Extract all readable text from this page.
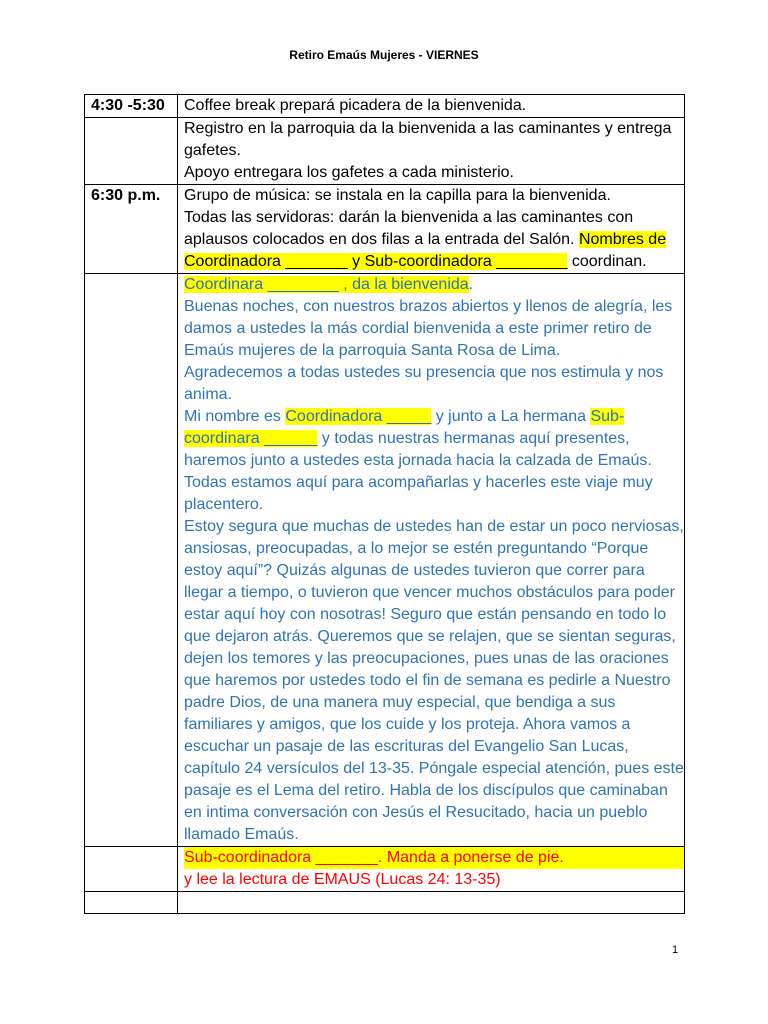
Retiro Emaús Mujeres - VIERNES
4:30 -5:30	Coffee break prepará picadera de la bienvenida.

	Registro en la parroquia da la bienvenida a las caminantes y entrega gafetes.
Apoyo entregara los gafetes a cada ministerio.

6:30 p.m.	Grupo de música: se instala en la capilla para la bienvenida.
Todas las servidoras: darán la bienvenida a las caminantes con aplausos colocados en dos filas a la entrada del Salón. Nombres de Coordinadora _______ y Sub-coordinadora ________ coordinan.

	Coordinara ________ , da la bienvenida.
Buenas noches, con nuestros brazos abiertos y llenos de alegría, les damos a ustedes la más cordial bienvenida a este primer retiro de Emaús mujeres de la parroquia Santa Rosa de Lima.
Agradecemos a todas ustedes su presencia que nos estimula y nos anima.
Mi nombre es Coordinadora _____ y junto a La hermana Sub-coordinara ______ y todas nuestras hermanas aquí presentes, haremos junto a ustedes esta jornada hacia la calzada de Emaús. Todas estamos aquí para acompañarlas y hacerles este viaje muy placentero.
Estoy segura que muchas de ustedes han de estar un poco nerviosas, ansiosas, preocupadas, a lo mejor se estén preguntando “Porque estoy aquí”? Quizás algunas de ustedes tuvieron que correr para llegar a tiempo, o tuvieron que vencer muchos obstáculos para poder estar aquí hoy con nosotras! Seguro que están pensando en todo lo que dejaron atrás. Queremos que se relajen, que se sientan seguras, dejen los temores y las preocupaciones, pues unas de las oraciones que haremos por ustedes todo el fin de semana es pedirle a Nuestro padre Dios, de una manera muy especial, que bendiga a sus familiares y amigos, que los cuide y los proteja. Ahora vamos a escuchar un pasaje de las escrituras del Evangelio San Lucas, capítulo 24 versículos del 13-35. Póngale especial atención, pues este pasaje es el Lema del retiro. Habla de los discípulos que caminaban en intima conversación con Jesús el Resucitado, hacia un pueblo llamado Emaús.

	Sub-coordinadora _______. Manda a ponerse de pie.
y lee la lectura de EMAUS (Lucas 24: 13-35)

1
